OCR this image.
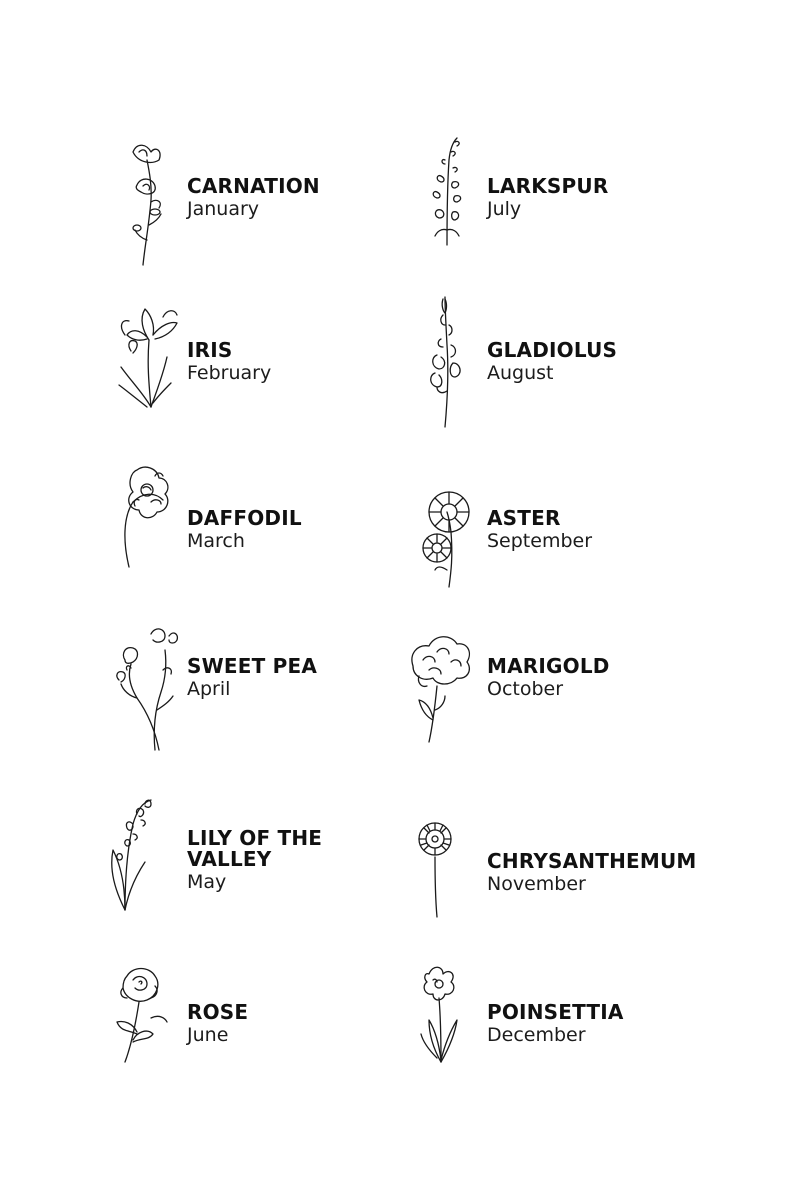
CARNATION
January
IRIS
February
DAFFODIL
March
SWEET PEA
April
LILY OF THE VALLEY
May
ROSE
June
LARKSPUR
July
GLADIOLUS
August
ASTER
September
MARIGOLD
October
CHRYSANTHEMUM
November
POINSETTIA
December
